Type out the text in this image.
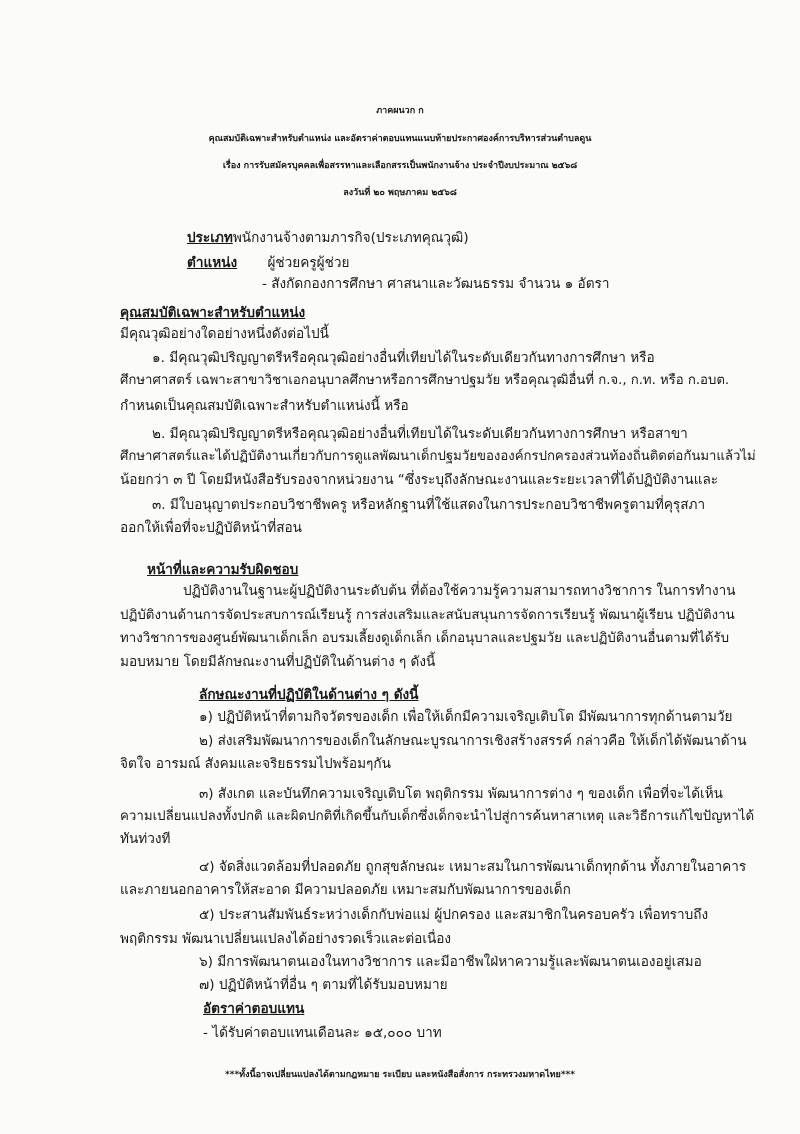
ภาคผนวก ก
คุณสมบัติเฉพาะสำหรับตำแหน่ง และอัตราค่าตอบแทนแนบท้ายประกาศองค์การบริหารส่วนตำบลดูน
เรื่อง การรับสมัครบุคคลเพื่อสรรหาและเลือกสรรเป็นพนักงานจ้าง ประจำปีงบประมาณ ๒๕๖๘
ลงวันที่ ๒๐ พฤษภาคม ๒๕๖๘
ประเภทพนักงานจ้างตามภารกิจ(ประเภทคุณวุฒิ)
ตำแหน่ง ผู้ช่วยครูผู้ช่วย
- สังกัดกองการศึกษา ศาสนาและวัฒนธรรม จำนวน ๑ อัตรา
คุณสมบัติเฉพาะสำหรับตำแหน่ง
มีคุณวุฒิอย่างใดอย่างหนึ่งดังต่อไปนี้
๑. มีคุณวุฒิปริญญาตรีหรือคุณวุฒิอย่างอื่นที่เทียบได้ในระดับเดียวกันทางการศึกษา หรือ
ศึกษาศาสตร์ เฉพาะสาขาวิชาเอกอนุบาลศึกษาหรือการศึกษาปฐมวัย หรือคุณวุฒิอื่นที่ ก.จ., ก.ท. หรือ ก.อบต.
กำหนดเป็นคุณสมบัติเฉพาะสำหรับตำแหน่งนี้ หรือ
๒. มีคุณวุฒิปริญญาตรีหรือคุณวุฒิอย่างอื่นที่เทียบได้ในระดับเดียวกันทางการศึกษา หรือสาขา
ศึกษาศาสตร์และได้ปฏิบัติงานเกี่ยวกับการดูแลพัฒนาเด็กปฐมวัยขององค์กรปกครองส่วนท้องถิ่นติดต่อกันมาแล้วไม่
น้อยกว่า ๓ ปี โดยมีหนังสือรับรองจากหน่วยงาน “ซึ่งระบุถึงลักษณะงานและระยะเวลาที่ได้ปฏิบัติงานและ
๓. มีใบอนุญาตประกอบวิชาชีพครู หรือหลักฐานที่ใช้แสดงในการประกอบวิชาชีพครูตามที่คุรุสภา
ออกให้เพื่อที่จะปฏิบัติหน้าที่สอน
หน้าที่และความรับผิดชอบ
ปฏิบัติงานในฐานะผู้ปฏิบัติงานระดับต้น ที่ต้องใช้ความรู้ความสามารถทางวิชาการ ในการทำงาน
ปฏิบัติงานด้านการจัดประสบการณ์เรียนรู้ การส่งเสริมและสนับสนุนการจัดการเรียนรู้ พัฒนาผู้เรียน ปฏิบัติงาน
ทางวิชาการของศูนย์พัฒนาเด็กเล็ก อบรมเลี้ยงดูเด็กเล็ก เด็กอนุบาลและปฐมวัย และปฏิบัติงานอื่นตามที่ได้รับ
มอบหมาย โดยมีลักษณะงานที่ปฏิบัติในด้านต่าง ๆ ดังนี้
ลักษณะงานที่ปฏิบัติในด้านต่าง ๆ ดังนี้
๑) ปฏิบัติหน้าที่ตามกิจวัตรของเด็ก เพื่อให้เด็กมีความเจริญเติบโต มีพัฒนาการทุกด้านตามวัย
๒) ส่งเสริมพัฒนาการของเด็กในลักษณะบูรณาการเชิงสร้างสรรค์ กล่าวคือ ให้เด็กได้พัฒนาด้าน
จิตใจ อารมณ์ สังคมและจริยธรรมไปพร้อมๆกัน
๓) สังเกต และบันทึกความเจริญเติบโต พฤติกรรม พัฒนาการต่าง ๆ ของเด็ก เพื่อที่จะได้เห็น
ความเปลี่ยนแปลงทั้งปกติ และผิดปกติที่เกิดขึ้นกับเด็กซึ่งเด็กจะนำไปสู่การค้นหาสาเหตุ และวิธีการแก้ไขปัญหาได้
ทันท่วงที
๔) จัดสิ่งแวดล้อมที่ปลอดภัย ถูกสุขลักษณะ เหมาะสมในการพัฒนาเด็กทุกด้าน ทั้งภายในอาคาร
และภายนอกอาคารให้สะอาด มีความปลอดภัย เหมาะสมกับพัฒนาการของเด็ก
๕) ประสานสัมพันธ์ระหว่างเด็กกับพ่อแม่ ผู้ปกครอง และสมาชิกในครอบครัว เพื่อทราบถึง
พฤติกรรม พัฒนาเปลี่ยนแปลงได้อย่างรวดเร็วและต่อเนื่อง
๖) มีการพัฒนาตนเองในทางวิชาการ และมีอาชีพใฝ่หาความรู้และพัฒนาตนเองอยู่เสมอ
๗) ปฏิบัติหน้าที่อื่น ๆ ตามที่ได้รับมอบหมาย
อัตราค่าตอบแทน
- ได้รับค่าตอบแทนเดือนละ ๑๕,๐๐๐ บาท
***ทั้งนี้อาจเปลี่ยนแปลงได้ตามกฎหมาย ระเบียบ และหนังสือสั่งการ กระทรวงมหาดไทย***
